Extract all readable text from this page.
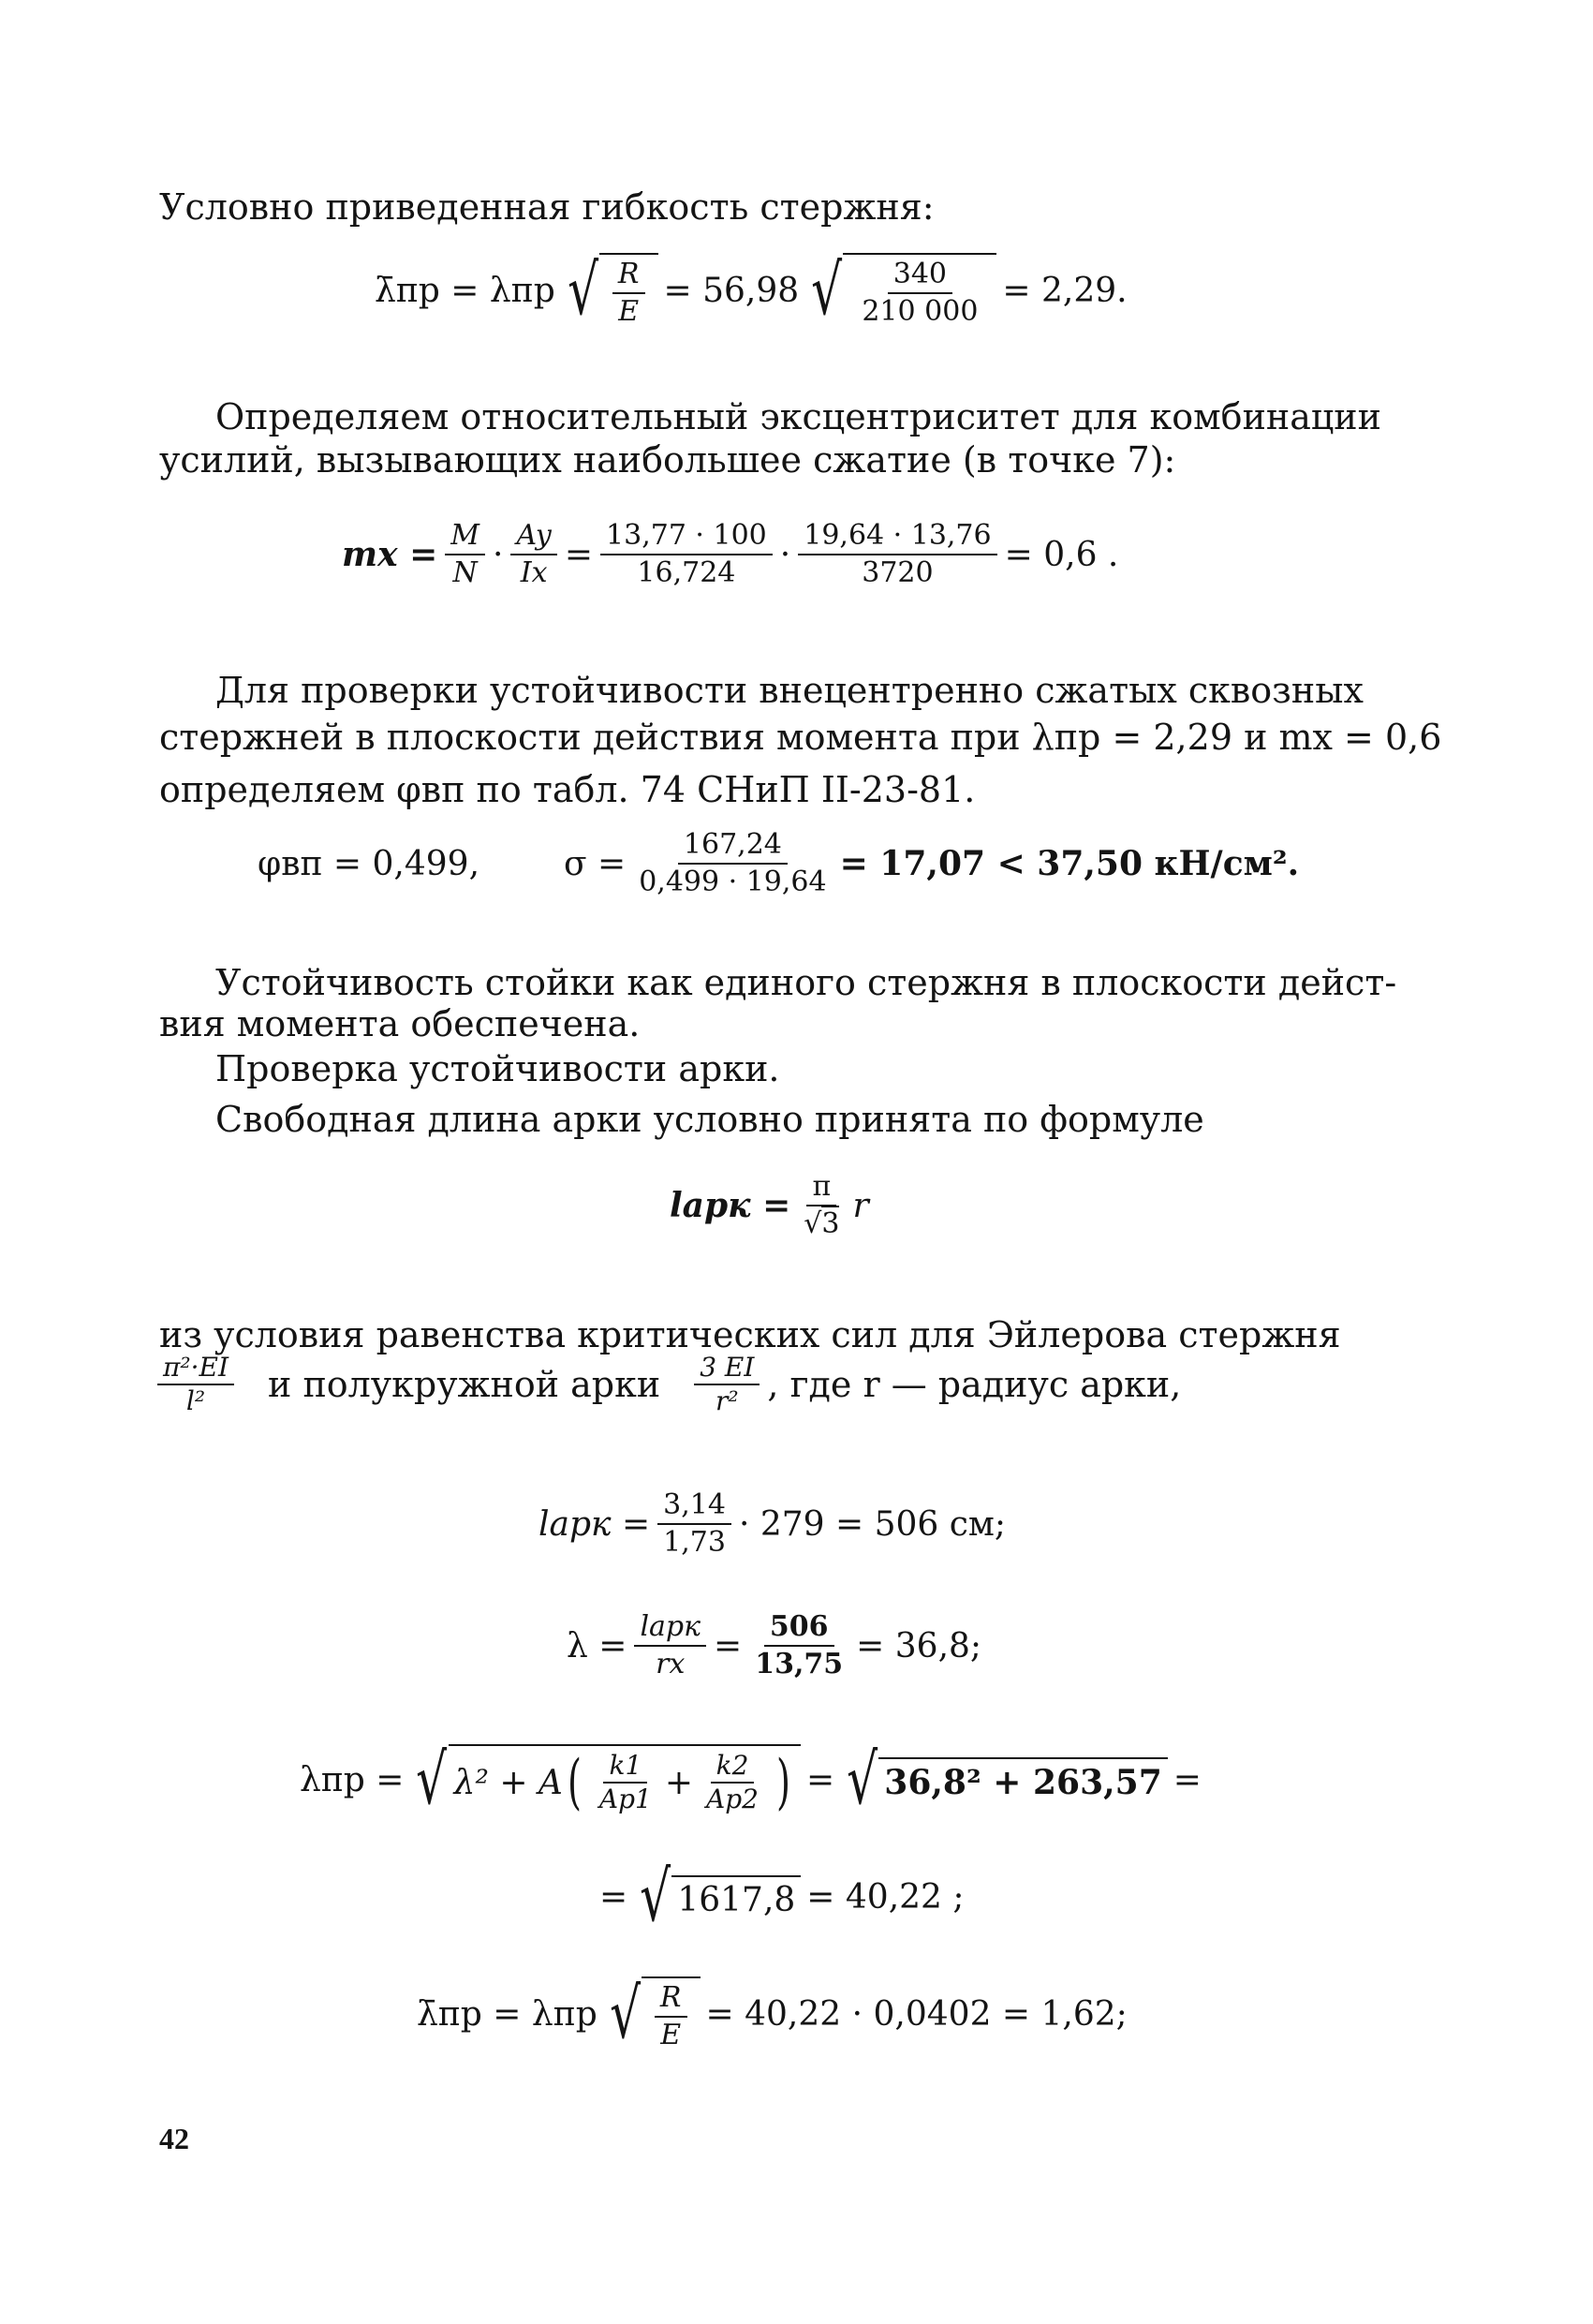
Условно приведенная гибкость стержня:
λ̄пр = λпр √ $\frac{R}{E} = 56,98$ √ $\frac{340}{210 000} = 2,29$.
Определяем относительный эксцентриситет для комбинации
усилий, вызывающих наибольшее сжатие (в точке 7):
mx = $\frac{M}{N} \cdot \frac{Ay}{Ix} = \frac{13,77 \cdot 100}{16,724} \cdot \frac{19,64 \cdot 13,76}{3720} = 0,6$ .
Для проверки устойчивости внецентренно сжатых сквозных
стержней в плоскости действия момента при λпр = 2,29 и mx = 0,6
определяем φвп по табл. 74 СНиП II-23-81.
φвп = 0,499,	$\sigma = \frac{167,24}{0,499 \cdot 19,64} = 17,07 < 37,50$ кН/см².
Устойчивость стойки как единого стержня в плоскости дейст-
вия момента обеспечена.
Проверка устойчивости арки.
Свободная длина арки условно принята по формуле
lарк = $\frac{\pi}{√3}$ r
из условия равенства критических сил для Эйлерова стержня
$\frac{\text{π²·EI}}{\text{l²}}$ и полукружной арки $\frac{3 EI}{\text{r²}}$ , где r — радиус арки,
lарк = $\frac{3,14}{1,73} \cdot 279 = 506$ см;
$\lambda = \frac{\text{lарк}}{rx} = \frac{506}{13,75} = 36,8$;
λпр = √ λ² + A ( $\frac{k1}{Ap1} + \frac{k2}{Ap2}$ ) = √ 36,8² + 263,57 =
= √ 1617,8 = 40,22 ;
λ̄пр = λпр √ $\frac{R}{E} = 40,22 \cdot 0,0402 = 1,62$;
42
